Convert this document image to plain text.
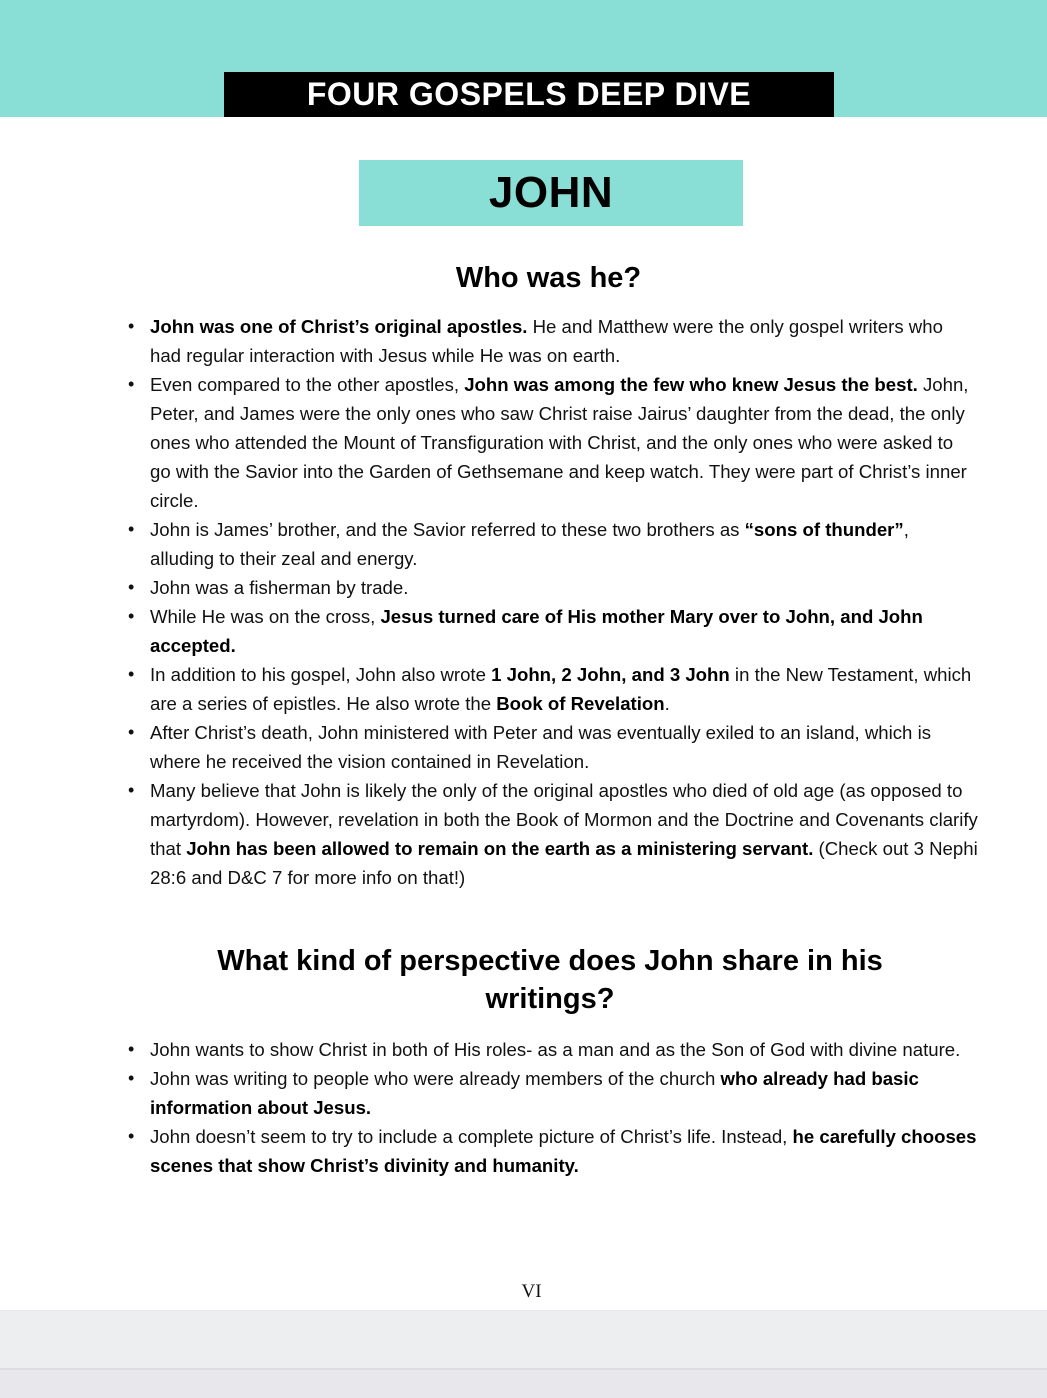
FOUR GOSPELS DEEP DIVE
JOHN
Who was he?
• John was one of Christ’s original apostles. He and Matthew were the only gospel writers who had regular interaction with Jesus while He was on earth.
• Even compared to the other apostles, John was among the few who knew Jesus the best. John, Peter, and James were the only ones who saw Christ raise Jairus’ daughter from the dead, the only ones who attended the Mount of Transfiguration with Christ, and the only ones who were asked to go with the Savior into the Garden of Gethsemane and keep watch. They were part of Christ’s inner circle.
• John is James’ brother, and the Savior referred to these two brothers as “sons of thunder”, alluding to their zeal and energy.
• John was a fisherman by trade.
• While He was on the cross, Jesus turned care of His mother Mary over to John, and John accepted.
• In addition to his gospel, John also wrote 1 John, 2 John, and 3 John in the New Testament, which are a series of epistles. He also wrote the Book of Revelation.
• After Christ’s death, John ministered with Peter and was eventually exiled to an island, which is where he received the vision contained in Revelation.
• Many believe that John is likely the only of the original apostles who died of old age (as opposed to martyrdom). However, revelation in both the Book of Mormon and the Doctrine and Covenants clarify that John has been allowed to remain on the earth as a ministering servant. (Check out 3 Nephi 28:6 and D&C 7 for more info on that!)
What kind of perspective does John share in his writings?
• John wants to show Christ in both of His roles- as a man and as the Son of God with divine nature.
• John was writing to people who were already members of the church who already had basic information about Jesus.
• John doesn’t seem to try to include a complete picture of Christ’s life. Instead, he carefully chooses scenes that show Christ’s divinity and humanity.
VI
